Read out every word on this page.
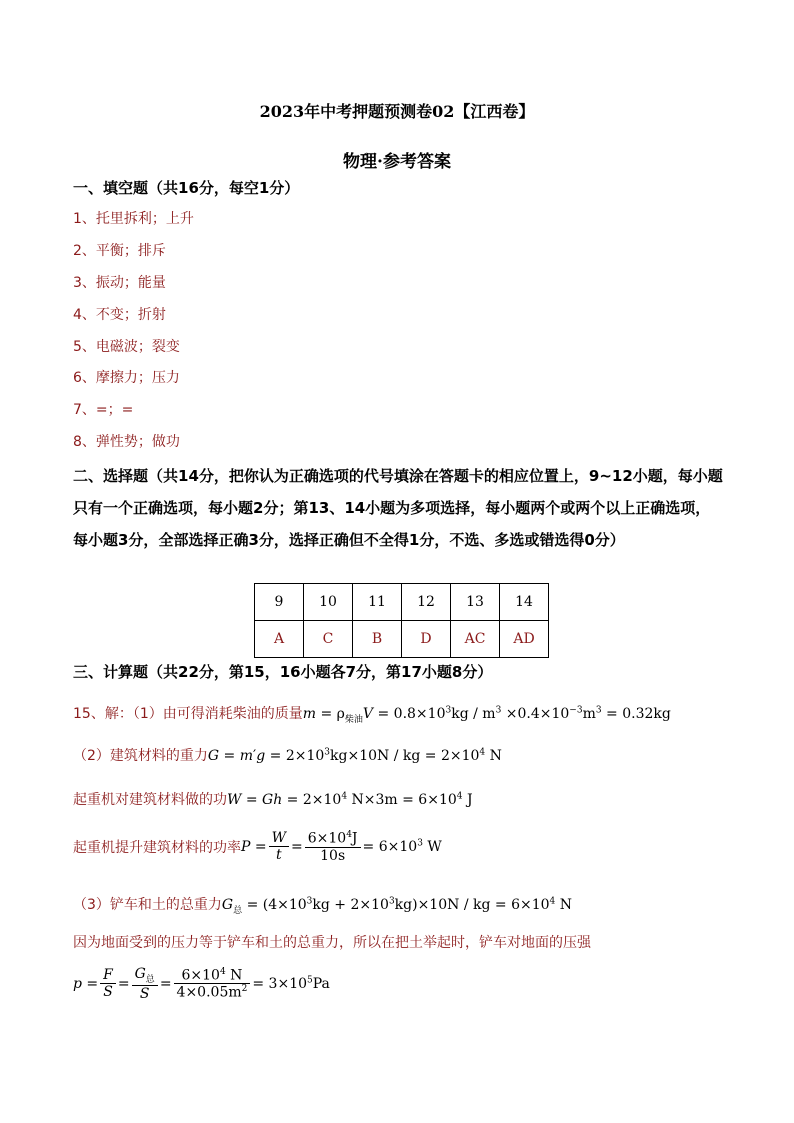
2023年中考押题预测卷02【江西卷】
物理·参考答案
一、填空题（共16分，每空1分）
1、托里拆利；上升
2、平衡；排斥
3、振动；能量
4、不变；折射
5、电磁波；裂变
6、摩擦力；压力
7、=；=
8、弹性势；做功
二、选择题（共14分，把你认为正确选项的代号填涂在答题卡的相应位置上，9~12小题，每小题只有一个正确选项，每小题2分；第13、14小题为多项选择，每小题两个或两个以上正确选项，每小题3分，全部选择正确3分，选择正确但不全得1分，不选、多选或错选得0分）
9	10	11	12	13	14
A	C	B	D	AC	AD
三、计算题（共22分，第15，16小题各7分，第17小题8分）
15、解：（1）由可得消耗柴油的质量$m = \rho_{柴油}V = 0.8\times 10^3kg / m^3 \times 0.4\times 10^{-3}m^3 = 0.32kg$
（2）建筑材料的重力$G = m'g = 2\times 10^3kg\times 10N$ / kg = $2\times 10^4$ N
起重机对建筑材料做的功$W = Gh = 2\times 10^4$ $N\times 3m = 6\times 10^4$ J
起重机提升建筑材料的功率$P = \frac{W}{t} = \frac{6\times 10^4J}{10s} = 6\times 10^3$ W
（3）铲车和土的总重力$G_总 = (4\times 10^3kg + 2\times 10^3kg)\times 10N$ / kg = $6\times 10^4$ N
因为地面受到的压力等于铲车和土的总重力，所以在把土举起时，铲车对地面的压强
$p = \frac{F}{S} = \frac{G_总}{S} = \frac{6\times 10^4 N}{4\times 0.05m^2} = 3\times 10^5Pa$
